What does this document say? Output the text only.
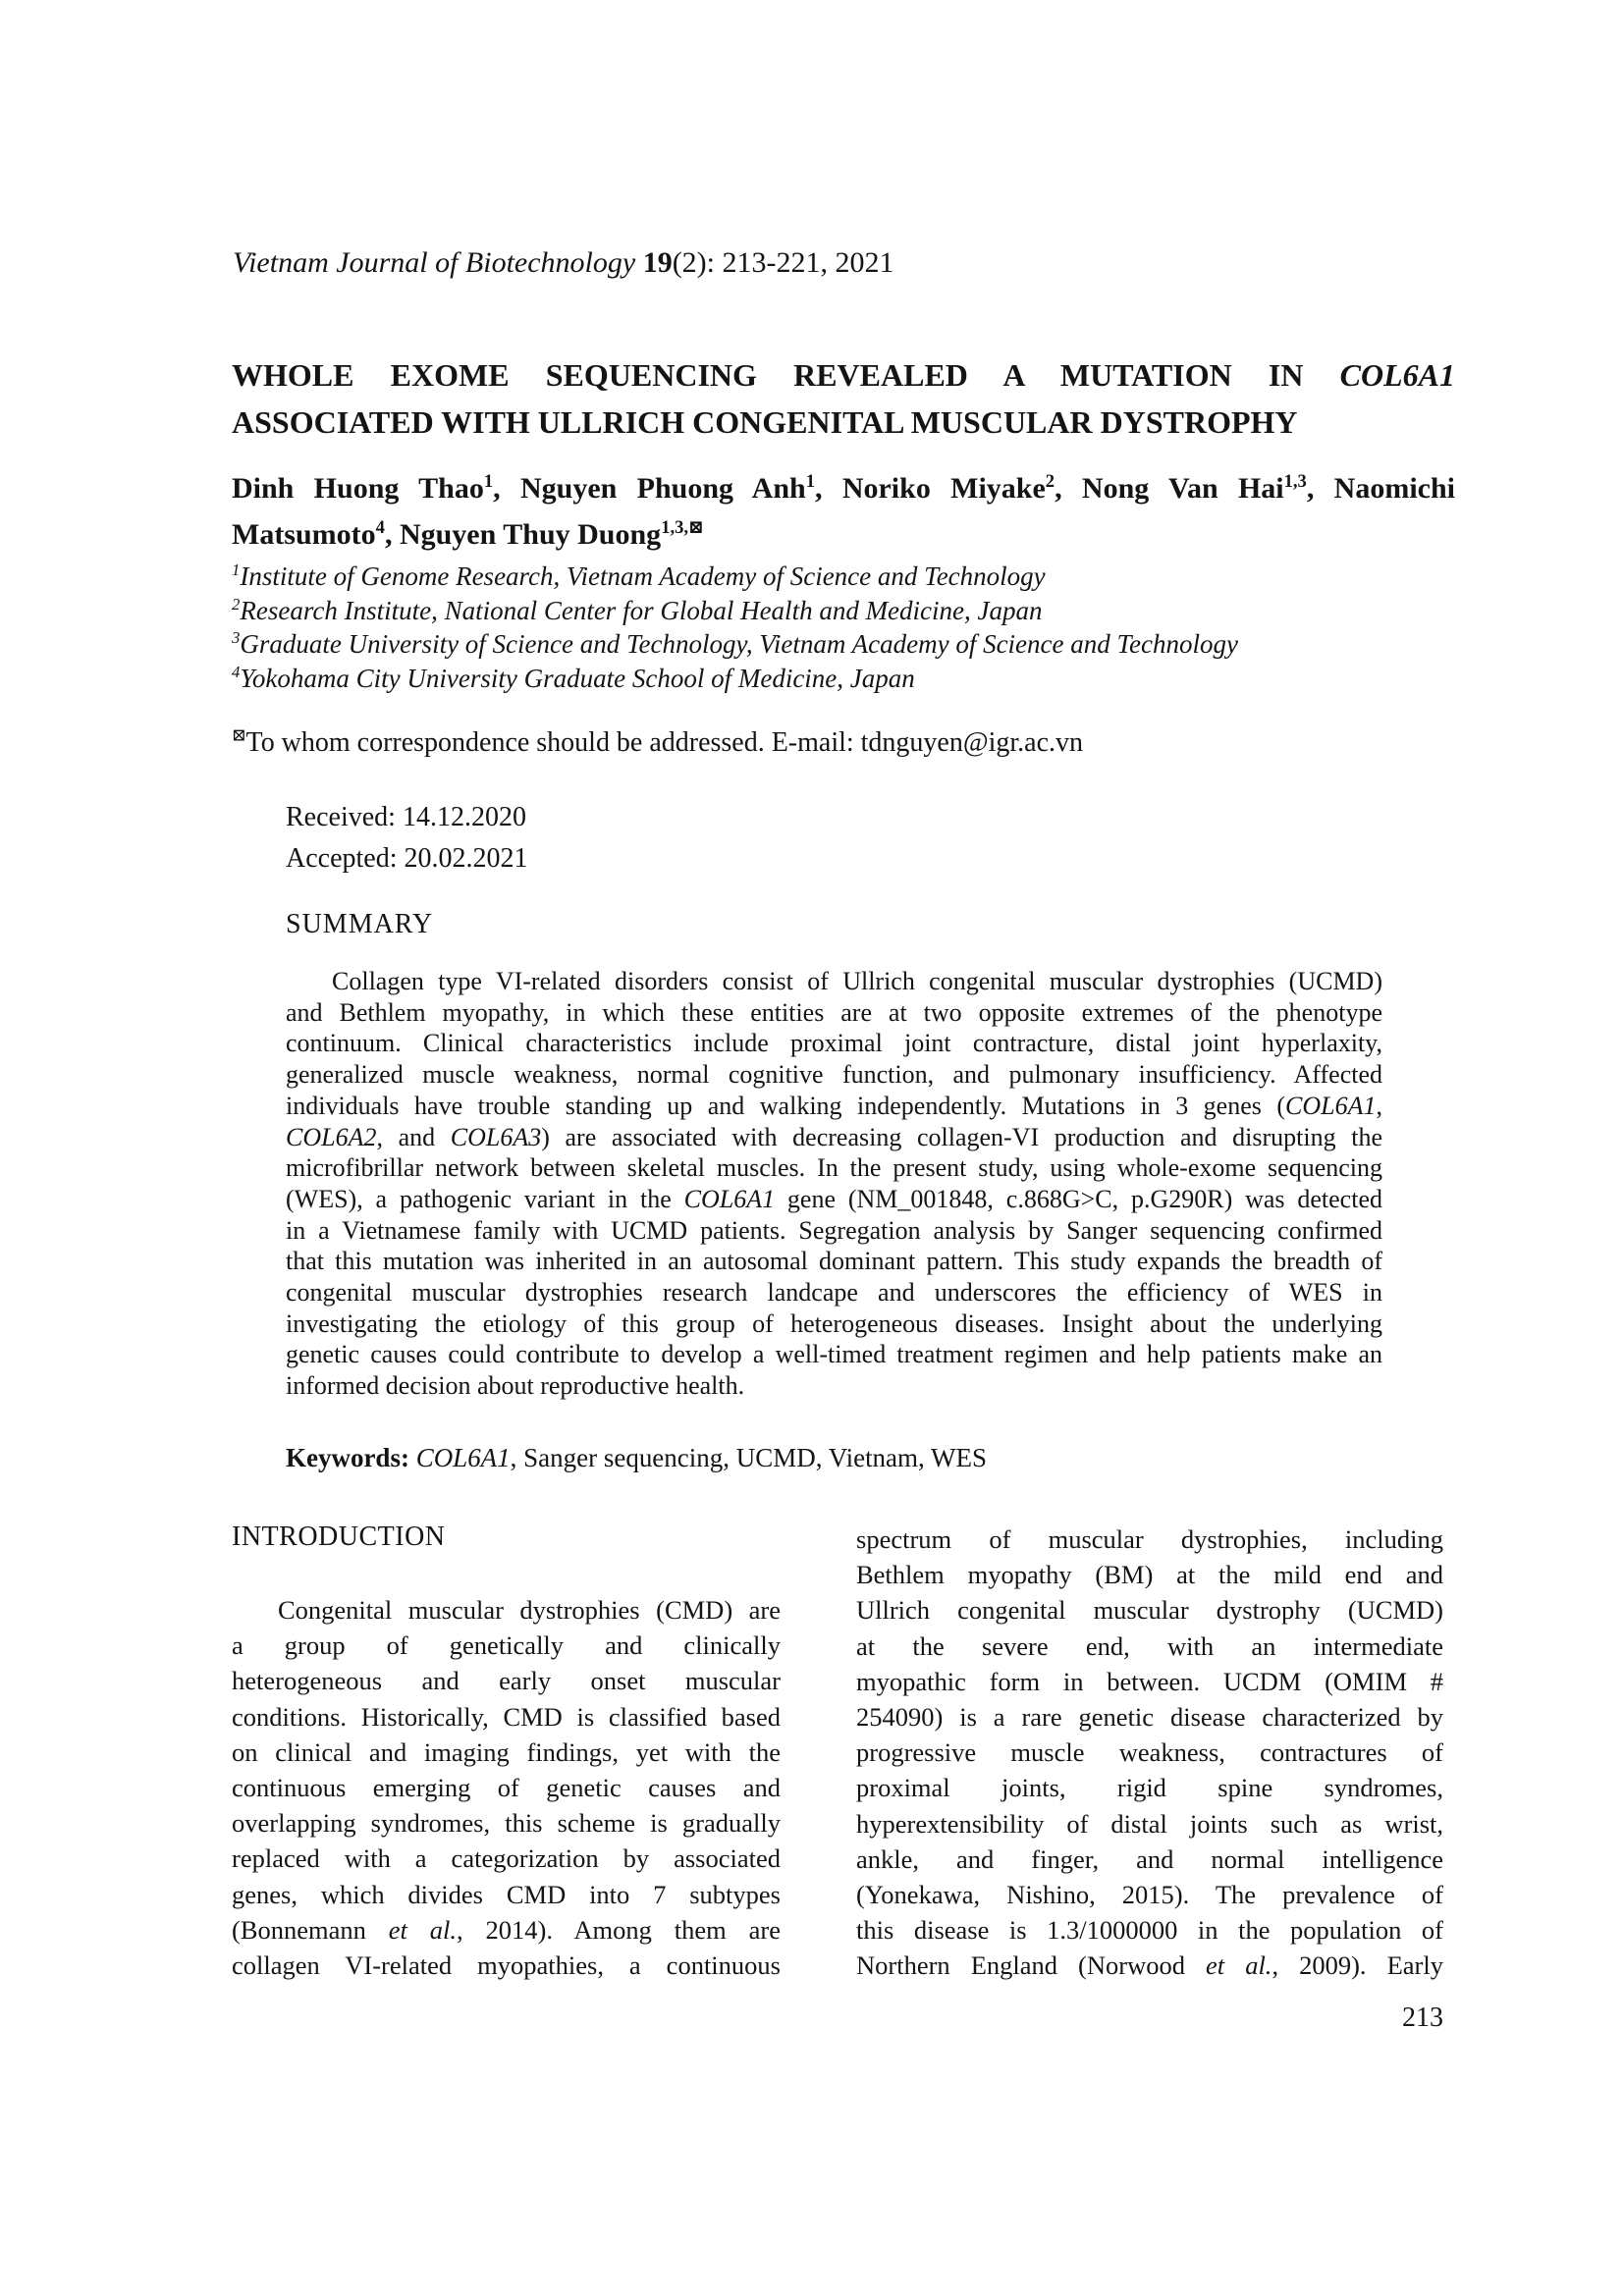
Vietnam Journal of Biotechnology 19(2): 213-221, 2021
WHOLE EXOME SEQUENCING REVEALED A MUTATION IN COL6A1
ASSOCIATED WITH ULLRICH CONGENITAL MUSCULAR DYSTROPHY
Dinh Huong Thao$^1$, Nguyen Phuong Anh$^1$, Noriko Miyake$^2$, Nong Van Hai$^{1,3}$, Naomichi
Matsumoto$^4$, Nguyen Thuy Duong$^{1,3,⊠}$
$^1$Institute of Genome Research, Vietnam Academy of Science and Technology
$^2$Research Institute, National Center for Global Health and Medicine, Japan
$^3$Graduate University of Science and Technology, Vietnam Academy of Science and Technology
$^4$Yokohama City University Graduate School of Medicine, Japan
⊠To whom correspondence should be addressed. E-mail: tdnguyen@igr.ac.vn
Received: 14.12.2020
Accepted: 20.02.2021
SUMMARY
Collagen type VI-related disorders consist of Ullrich congenital muscular dystrophies (UCMD)
and Bethlem myopathy, in which these entities are at two opposite extremes of the phenotype
continuum. Clinical characteristics include proximal joint contracture, distal joint hyperlaxity,
generalized muscle weakness, normal cognitive function, and pulmonary insufficiency. Affected
individuals have trouble standing up and walking independently. Mutations in 3 genes (COL6A1,
COL6A2, and COL6A3) are associated with decreasing collagen-VI production and disrupting the
microfibrillar network between skeletal muscles. In the present study, using whole-exome sequencing
(WES), a pathogenic variant in the COL6A1 gene (NM_001848, c.868G>C, p.G290R) was detected
in a Vietnamese family with UCMD patients. Segregation analysis by Sanger sequencing confirmed
that this mutation was inherited in an autosomal dominant pattern. This study expands the breadth of
congenital muscular dystrophies research landcape and underscores the efficiency of WES in
investigating the etiology of this group of heterogeneous diseases. Insight about the underlying
genetic causes could contribute to develop a well-timed treatment regimen and help patients make an
informed decision about reproductive health.
Keywords: COL6A1, Sanger sequencing, UCMD, Vietnam, WES
INTRODUCTION
Congenital muscular dystrophies (CMD) are
a group of genetically and clinically
heterogeneous and early onset muscular
conditions. Historically, CMD is classified based
on clinical and imaging findings, yet with the
continuous emerging of genetic causes and
overlapping syndromes, this scheme is gradually
replaced with a categorization by associated
genes, which divides CMD into 7 subtypes
(Bonnemann et al., 2014). Among them are
collagen VI-related myopathies, a continuous
spectrum of muscular dystrophies, including
Bethlem myopathy (BM) at the mild end and
Ullrich congenital muscular dystrophy (UCMD)
at the severe end, with an intermediate
myopathic form in between. UCDM (OMIM #
254090) is a rare genetic disease characterized by
progressive muscle weakness, contractures of
proximal joints, rigid spine syndromes,
hyperextensibility of distal joints such as wrist,
ankle, and finger, and normal intelligence
(Yonekawa, Nishino, 2015). The prevalence of
this disease is 1.3/1000000 in the population of
Northern England (Norwood et al., 2009). Early
213
